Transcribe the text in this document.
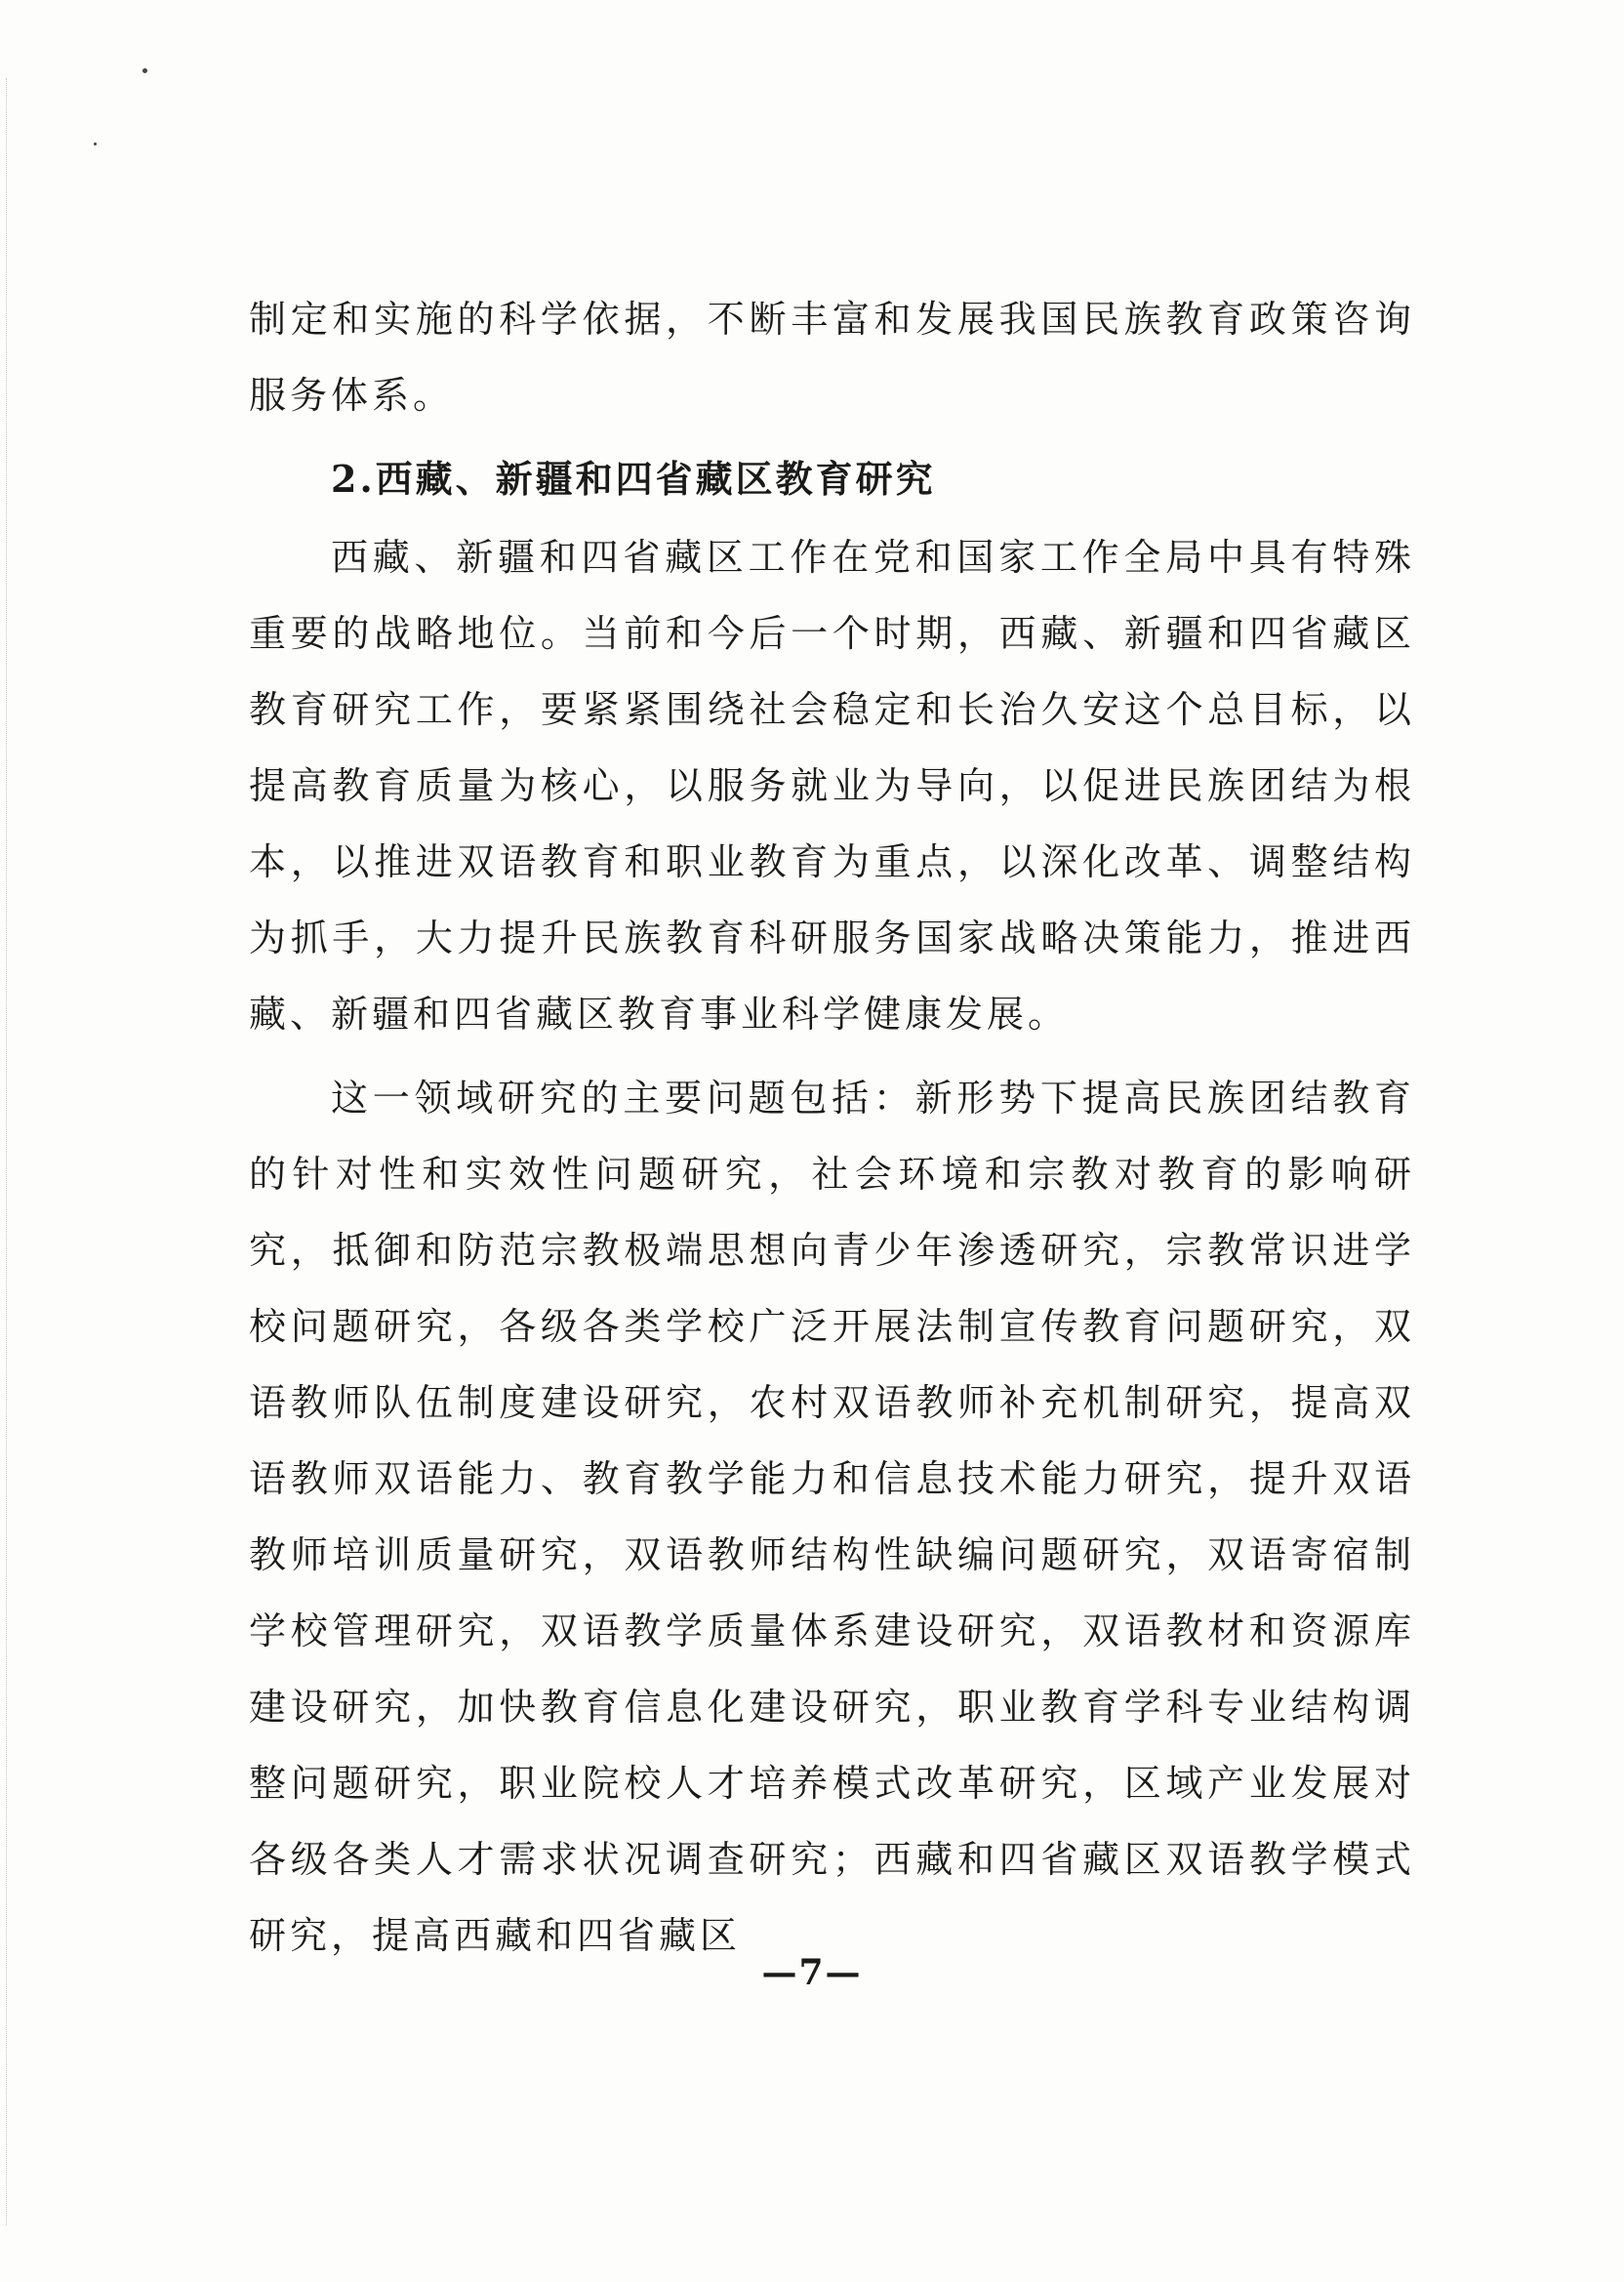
制定和实施的科学依据，不断丰富和发展我国民族教育政策咨询服务体系。

2.西藏、新疆和四省藏区教育研究

西藏、新疆和四省藏区工作在党和国家工作全局中具有特殊重要的战略地位。当前和今后一个时期，西藏、新疆和四省藏区教育研究工作，要紧紧围绕社会稳定和长治久安这个总目标，以提高教育质量为核心，以服务就业为导向，以促进民族团结为根本，以推进双语教育和职业教育为重点，以深化改革、调整结构为抓手，大力提升民族教育科研服务国家战略决策能力，推进西藏、新疆和四省藏区教育事业科学健康发展。

这一领域研究的主要问题包括：新形势下提高民族团结教育的针对性和实效性问题研究，社会环境和宗教对教育的影响研究，抵御和防范宗教极端思想向青少年渗透研究，宗教常识进学校问题研究，各级各类学校广泛开展法制宣传教育问题研究，双语教师队伍制度建设研究，农村双语教师补充机制研究，提高双语教师双语能力、教育教学能力和信息技术能力研究，提升双语教师培训质量研究，双语教师结构性缺编问题研究，双语寄宿制学校管理研究，双语教学质量体系建设研究，双语教材和资源库建设研究，加快教育信息化建设研究，职业教育学科专业结构调整问题研究，职业院校人才培养模式改革研究，区域产业发展对各级各类人才需求状况调查研究；西藏和四省藏区双语教学模式研究，提高西藏和四省藏区

—7—
